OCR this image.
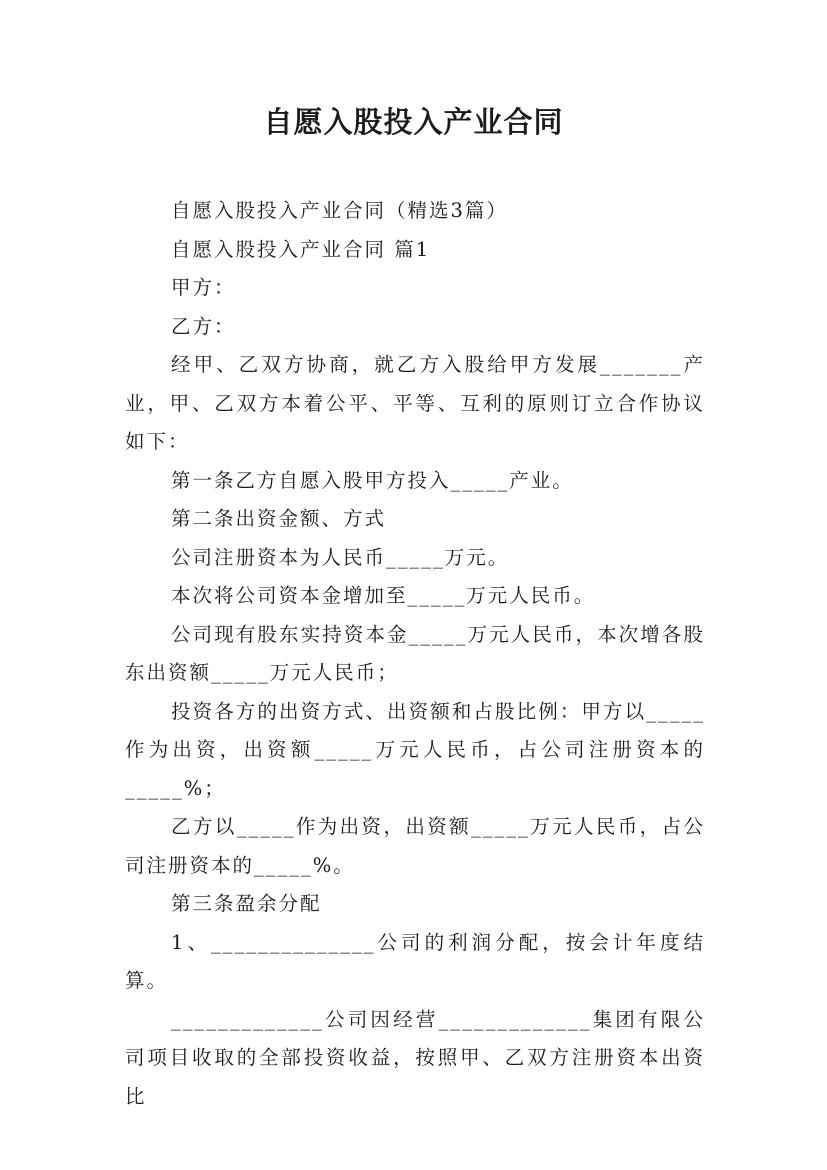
自愿入股投入产业合同

自愿入股投入产业合同（精选3篇）

自愿入股投入产业合同 篇1

甲方：

乙方：

经甲、乙双方协商，就乙方入股给甲方发展_______产业，甲、乙双方本着公平、平等、互利的原则订立合作协议如下：

第一条乙方自愿入股甲方投入_____产业。

第二条出资金额、方式

公司注册资本为人民币_____万元。

本次将公司资本金增加至_____万元人民币。

公司现有股东实持资本金_____万元人民币，本次增各股东出资额_____万元人民币；

投资各方的出资方式、出资额和占股比例：甲方以_____作为出资，出资额_____万元人民币，占公司注册资本的_____%；

乙方以_____作为出资，出资额_____万元人民币，占公司注册资本的_____%。

第三条盈余分配

1、______________公司的利润分配，按会计年度结算。

_____________公司因经营_____________集团有限公司项目收取的全部投资收益，按照甲、乙双方注册资本出资比
